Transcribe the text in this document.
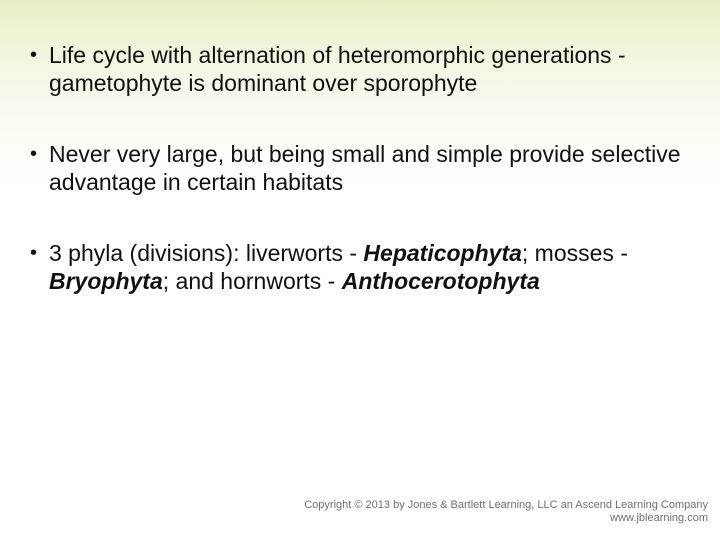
• Life cycle with alternation of heteromorphic generations - gametophyte is dominant over sporophyte
• Never very large, but being small and simple provide selective advantage in certain habitats
• 3 phyla (divisions): liverworts - Hepaticophyta; mosses - Bryophyta; and hornworts - Anthocerotophyta
Copyright © 2013 by Jones & Bartlett Learning, LLC an Ascend Learning Company
www.jblearning.com
